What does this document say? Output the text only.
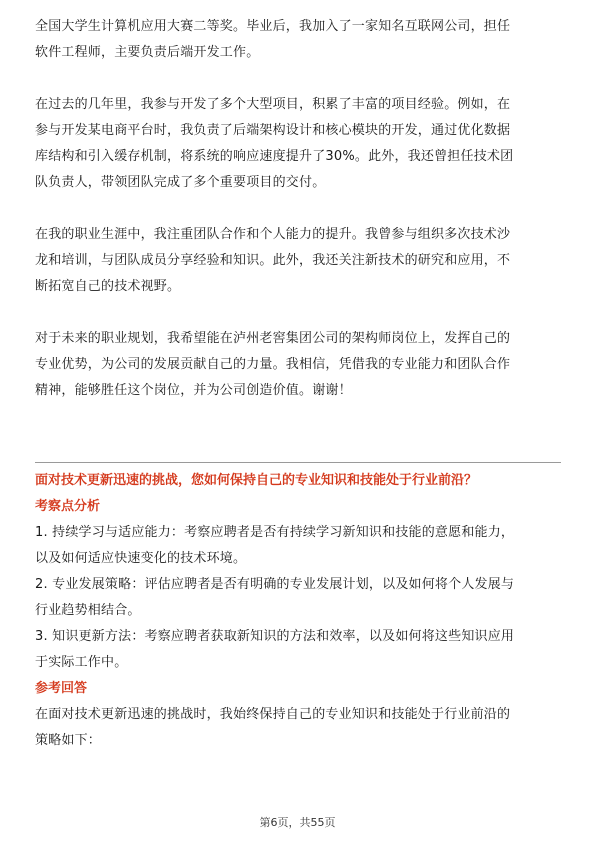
全国大学生计算机应用大赛二等奖。毕业后，我加入了一家知名互联网公司，担任

软件工程师，主要负责后端开发工作。

在过去的几年里，我参与开发了多个大型项目，积累了丰富的项目经验。例如，在

参与开发某电商平台时，我负责了后端架构设计和核心模块的开发，通过优化数据

库结构和引入缓存机制，将系统的响应速度提升了30%。此外，我还曾担任技术团

队负责人，带领团队完成了多个重要项目的交付。

在我的职业生涯中，我注重团队合作和个人能力的提升。我曾参与组织多次技术沙

龙和培训，与团队成员分享经验和知识。此外，我还关注新技术的研究和应用，不

断拓宽自己的技术视野。

对于未来的职业规划，我希望能在泸州老窖集团公司的架构师岗位上，发挥自己的

专业优势，为公司的发展贡献自己的力量。我相信，凭借我的专业能力和团队合作

精神，能够胜任这个岗位，并为公司创造价值。谢谢！

面对技术更新迅速的挑战，您如何保持自己的专业知识和技能处于行业前沿？

考察点分析

1. 持续学习与适应能力：考察应聘者是否有持续学习新知识和技能的意愿和能力，

以及如何适应快速变化的技术环境。

2. 专业发展策略：评估应聘者是否有明确的专业发展计划，以及如何将个人发展与

行业趋势相结合。

3. 知识更新方法：考察应聘者获取新知识的方法和效率，以及如何将这些知识应用

于实际工作中。

参考回答

在面对技术更新迅速的挑战时，我始终保持自己的专业知识和技能处于行业前沿的

策略如下：

第6页，共55页
